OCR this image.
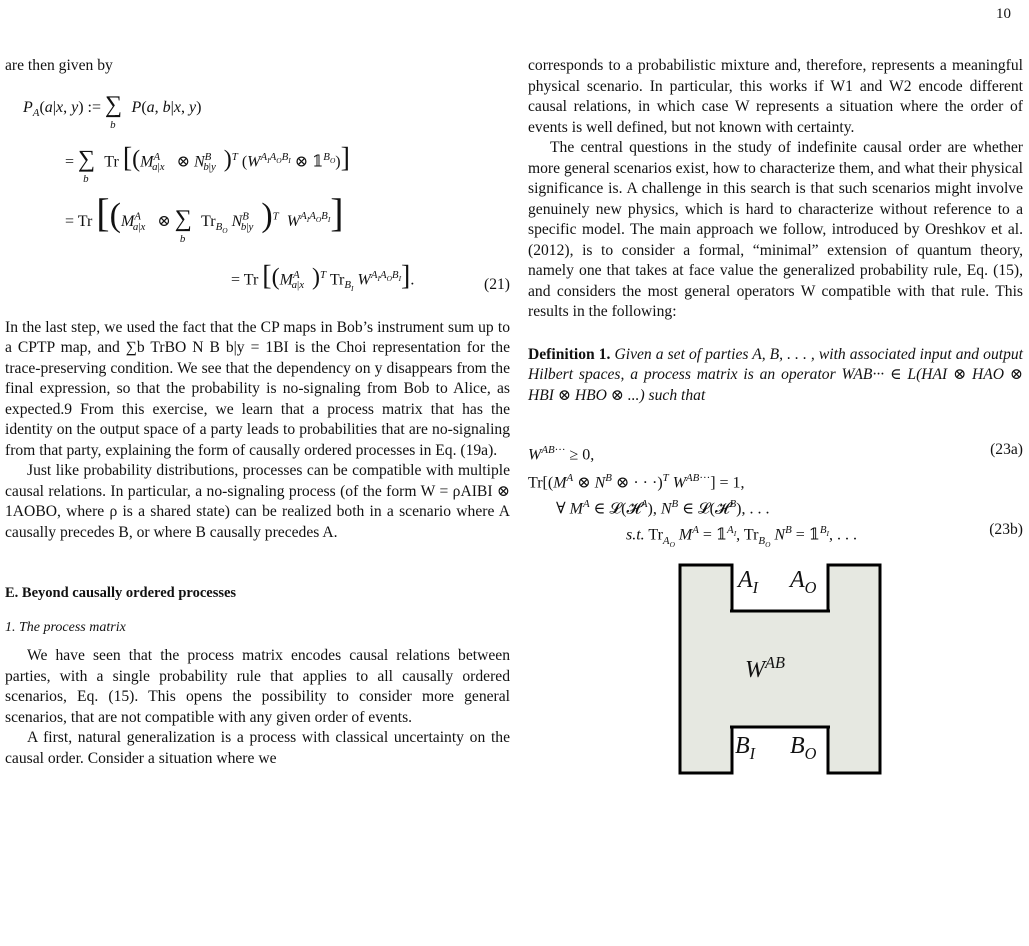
10

are then given by

$P_A(a|x$, y) := $\sum_b$ P(a, b|x, y)
= $\sum_b$ Tr [($M^A_{a|x}$ ⊗ $N^B_{b|y}$ )$^T$ ($W^{A_IA_OB_I}$ ⊗ $𝟙^{B_O}$)]
= Tr [($M^A_{a|x}$ ⊗ $\sum_b$ $Tr_{B_O}$ $N^B_{b|y}$ )$^T$ $W^{A_IA_OB_I}$]
= Tr [($M^A_{a|x}$ )$^T$ $Tr_{B_I}$ $W^{A_IA_OB_I}$].	(21)

In the last step, we used the fact that the CP maps in Bob’s instrument sum up to a CPTP map, and ∑b TrBO N B b|y = 1BI is the Choi representation for the trace-preserving condition. We see that the dependency on y disappears from the final expression, so that the probability is no-signaling from Bob to Alice, as expected.9 From this exercise, we learn that a process matrix that has the identity on the output space of a party leads to probabilities that are no-signaling from that party, explaining the form of causally ordered processes in Eq. (19a).

Just like probability distributions, processes can be compatible with multiple causal relations. In particular, a no-signaling process (of the form W = ρAIBI ⊗ 1AOBO, where ρ is a shared state) can be realized both in a scenario where A causally precedes B, or where B causally precedes A.

E. Beyond causally ordered processes

1. The process matrix

We have seen that the process matrix encodes causal relations between parties, with a single probability rule that applies to all causally ordered scenarios, Eq. (15). This opens the possibility to consider more general scenarios, that are not compatible with any given order of events.

A first, natural generalization is a process with classical uncertainty on the causal order. Consider a situation where we

corresponds to a probabilistic mixture and, therefore, represents a meaningful physical scenario. In particular, this works if W1 and W2 encode different causal relations, in which case W represents a situation where the order of events is well defined, but not known with certainty.

The central questions in the study of indefinite causal order are whether more general scenarios exist, how to characterize them, and what their physical significance is. A challenge in this search is that such scenarios might involve genuinely new physics, which is hard to characterize without reference to a specific model. The main approach we follow, introduced by Oreshkov et al. (2012), is to consider a formal, “minimal” extension of quantum theory, namely one that takes at face value the generalized probability rule, Eq. (15), and considers the most general operators W compatible with that rule. This results in the following:

Definition 1. Given a set of parties A, B, . . . , with associated input and output Hilbert spaces, a process matrix is an operator WAB··· ∈ L(HAI ⊗ HAO ⊗ HBI ⊗ HBO ⊗ ...) such that

$W^{AB\cdot\cdot\cdot} \ge 0$,	(23a)
$Tr[(M^A$ ⊗ $N^B$ ⊗ · · ·)$^T$ $W^{AB\cdot\cdot\cdot}] = 1$,
∀ $M^A$ ∈ 𝓛(𝓗$^A$), $N^B$ ∈ 𝓛(𝓗$^B$), . . .
s.t. $Tr_{A_O}$ $M^A$ = $𝟙^{A_I}$, $Tr_{B_O}$ $N^B$ = $𝟙^{B_I}$, . . .	(23b)
$A_I$ $A_O$
$W^{AB}$
$B_I$ $B_O$
